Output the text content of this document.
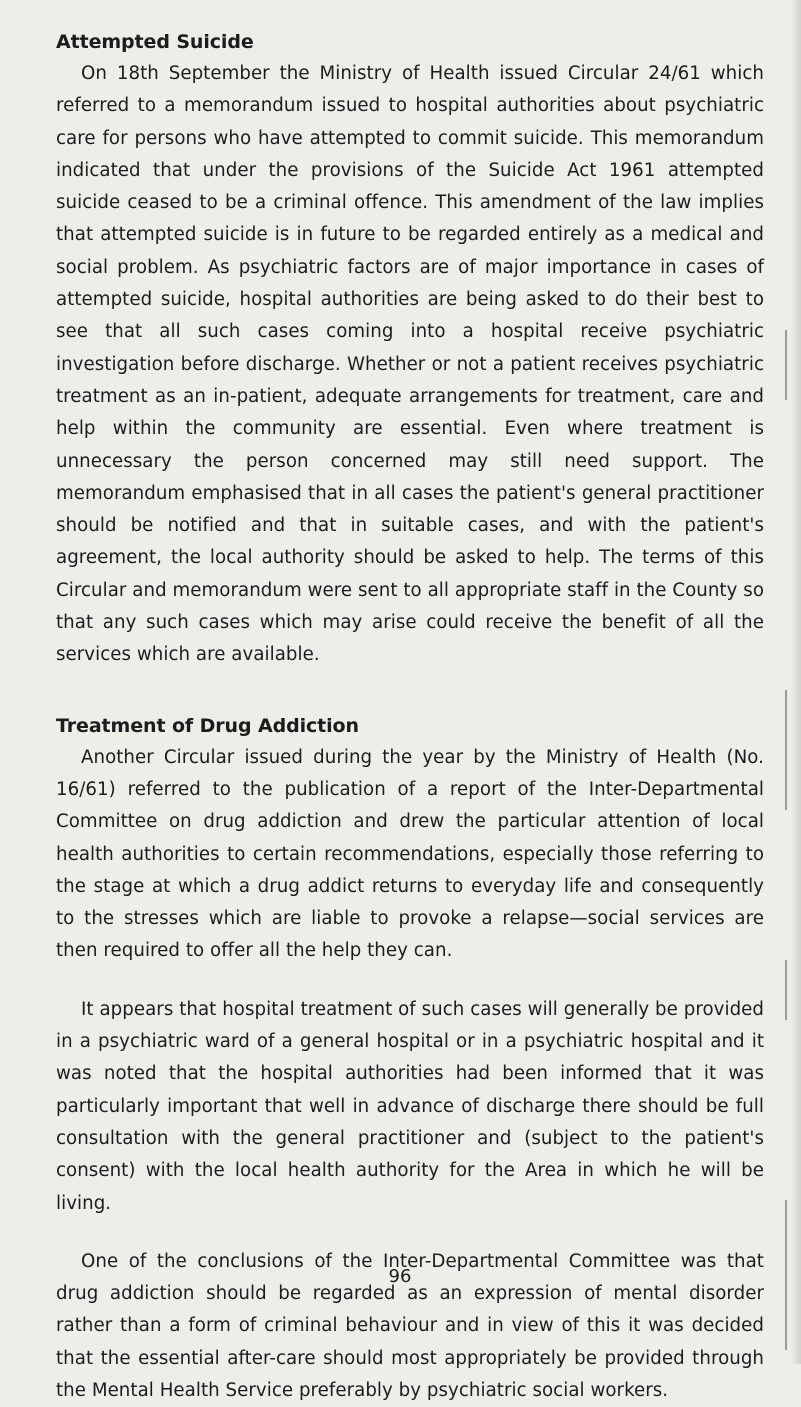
Attempted Suicide

On 18th September the Ministry of Health issued Circular 24/61 which referred to a memorandum issued to hospital authorities about psychiatric care for persons who have attempted to commit suicide. This memorandum indicated that under the provisions of the Suicide Act 1961 attempted suicide ceased to be a criminal offence. This amendment of the law implies that attempted suicide is in future to be regarded entirely as a medical and social problem. As psychiatric factors are of major importance in cases of attempted suicide, hospital authorities are being asked to do their best to see that all such cases coming into a hospital receive psychiatric investigation before discharge. Whether or not a patient receives psychiatric treatment as an in-patient, adequate arrangements for treatment, care and help within the community are essential. Even where treatment is unnecessary the person concerned may still need support. The memorandum emphasised that in all cases the patient's general practitioner should be notified and that in suitable cases, and with the patient's agreement, the local authority should be asked to help. The terms of this Circular and memorandum were sent to all appropriate staff in the County so that any such cases which may arise could receive the benefit of all the services which are available.

Treatment of Drug Addiction

Another Circular issued during the year by the Ministry of Health (No. 16/61) referred to the publication of a report of the Inter-Departmental Committee on drug addiction and drew the particular attention of local health authorities to certain recommendations, especially those referring to the stage at which a drug addict returns to everyday life and consequently to the stresses which are liable to provoke a relapse—social services are then required to offer all the help they can.

It appears that hospital treatment of such cases will generally be provided in a psychiatric ward of a general hospital or in a psychiatric hospital and it was noted that the hospital authorities had been informed that it was particularly important that well in advance of discharge there should be full consultation with the general practitioner and (subject to the patient's consent) with the local health authority for the Area in which he will be living.

One of the conclusions of the Inter-Departmental Committee was that drug addiction should be regarded as an expression of mental disorder rather than a form of criminal behaviour and in view of this it was decided that the essential after-care should most appropriately be provided through the Mental Health Service preferably by psychiatric social workers.

96
